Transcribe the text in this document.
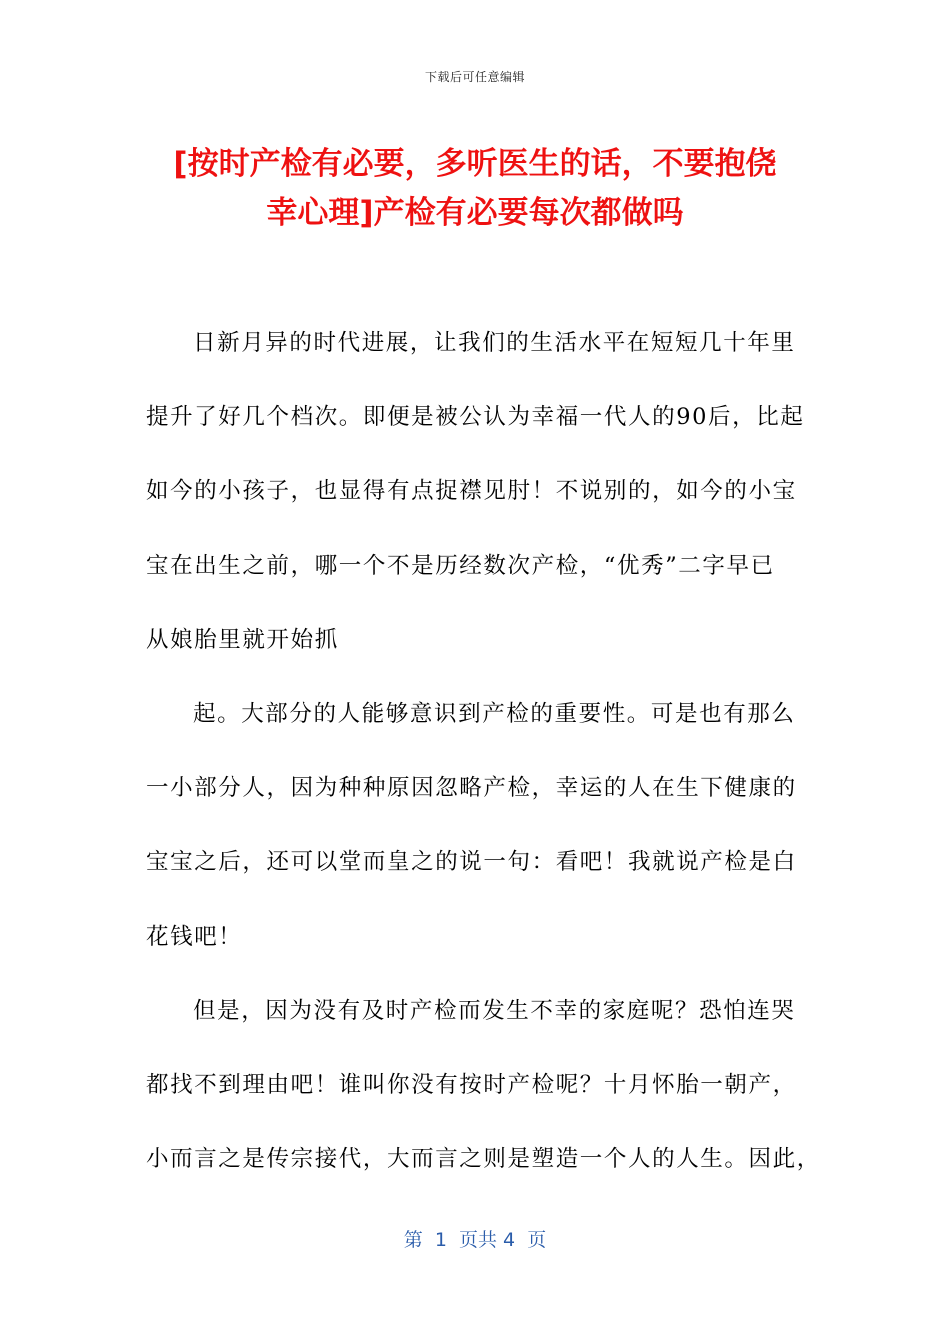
下载后可任意编辑
[按时产检有必要，多听医生的话，不要抱侥
幸心理]产检有必要每次都做吗
日新月异的时代进展，让我们的生活水平在短短几十年里
提升了好几个档次。即便是被公认为幸福一代人的90后，比起
如今的小孩子，也显得有点捉襟见肘！不说别的，如今的小宝
宝在出生之前，哪一个不是历经数次产检，“优秀”二字早已
从娘胎里就开始抓
起。大部分的人能够意识到产检的重要性。可是也有那么
一小部分人，因为种种原因忽略产检，幸运的人在生下健康的
宝宝之后，还可以堂而皇之的说一句：看吧！我就说产检是白
花钱吧！
但是，因为没有及时产检而发生不幸的家庭呢？恐怕连哭
都找不到理由吧！谁叫你没有按时产检呢？十月怀胎一朝产，
小而言之是传宗接代，大而言之则是塑造一个人的人生。因此，
第  1  页共 4  页
